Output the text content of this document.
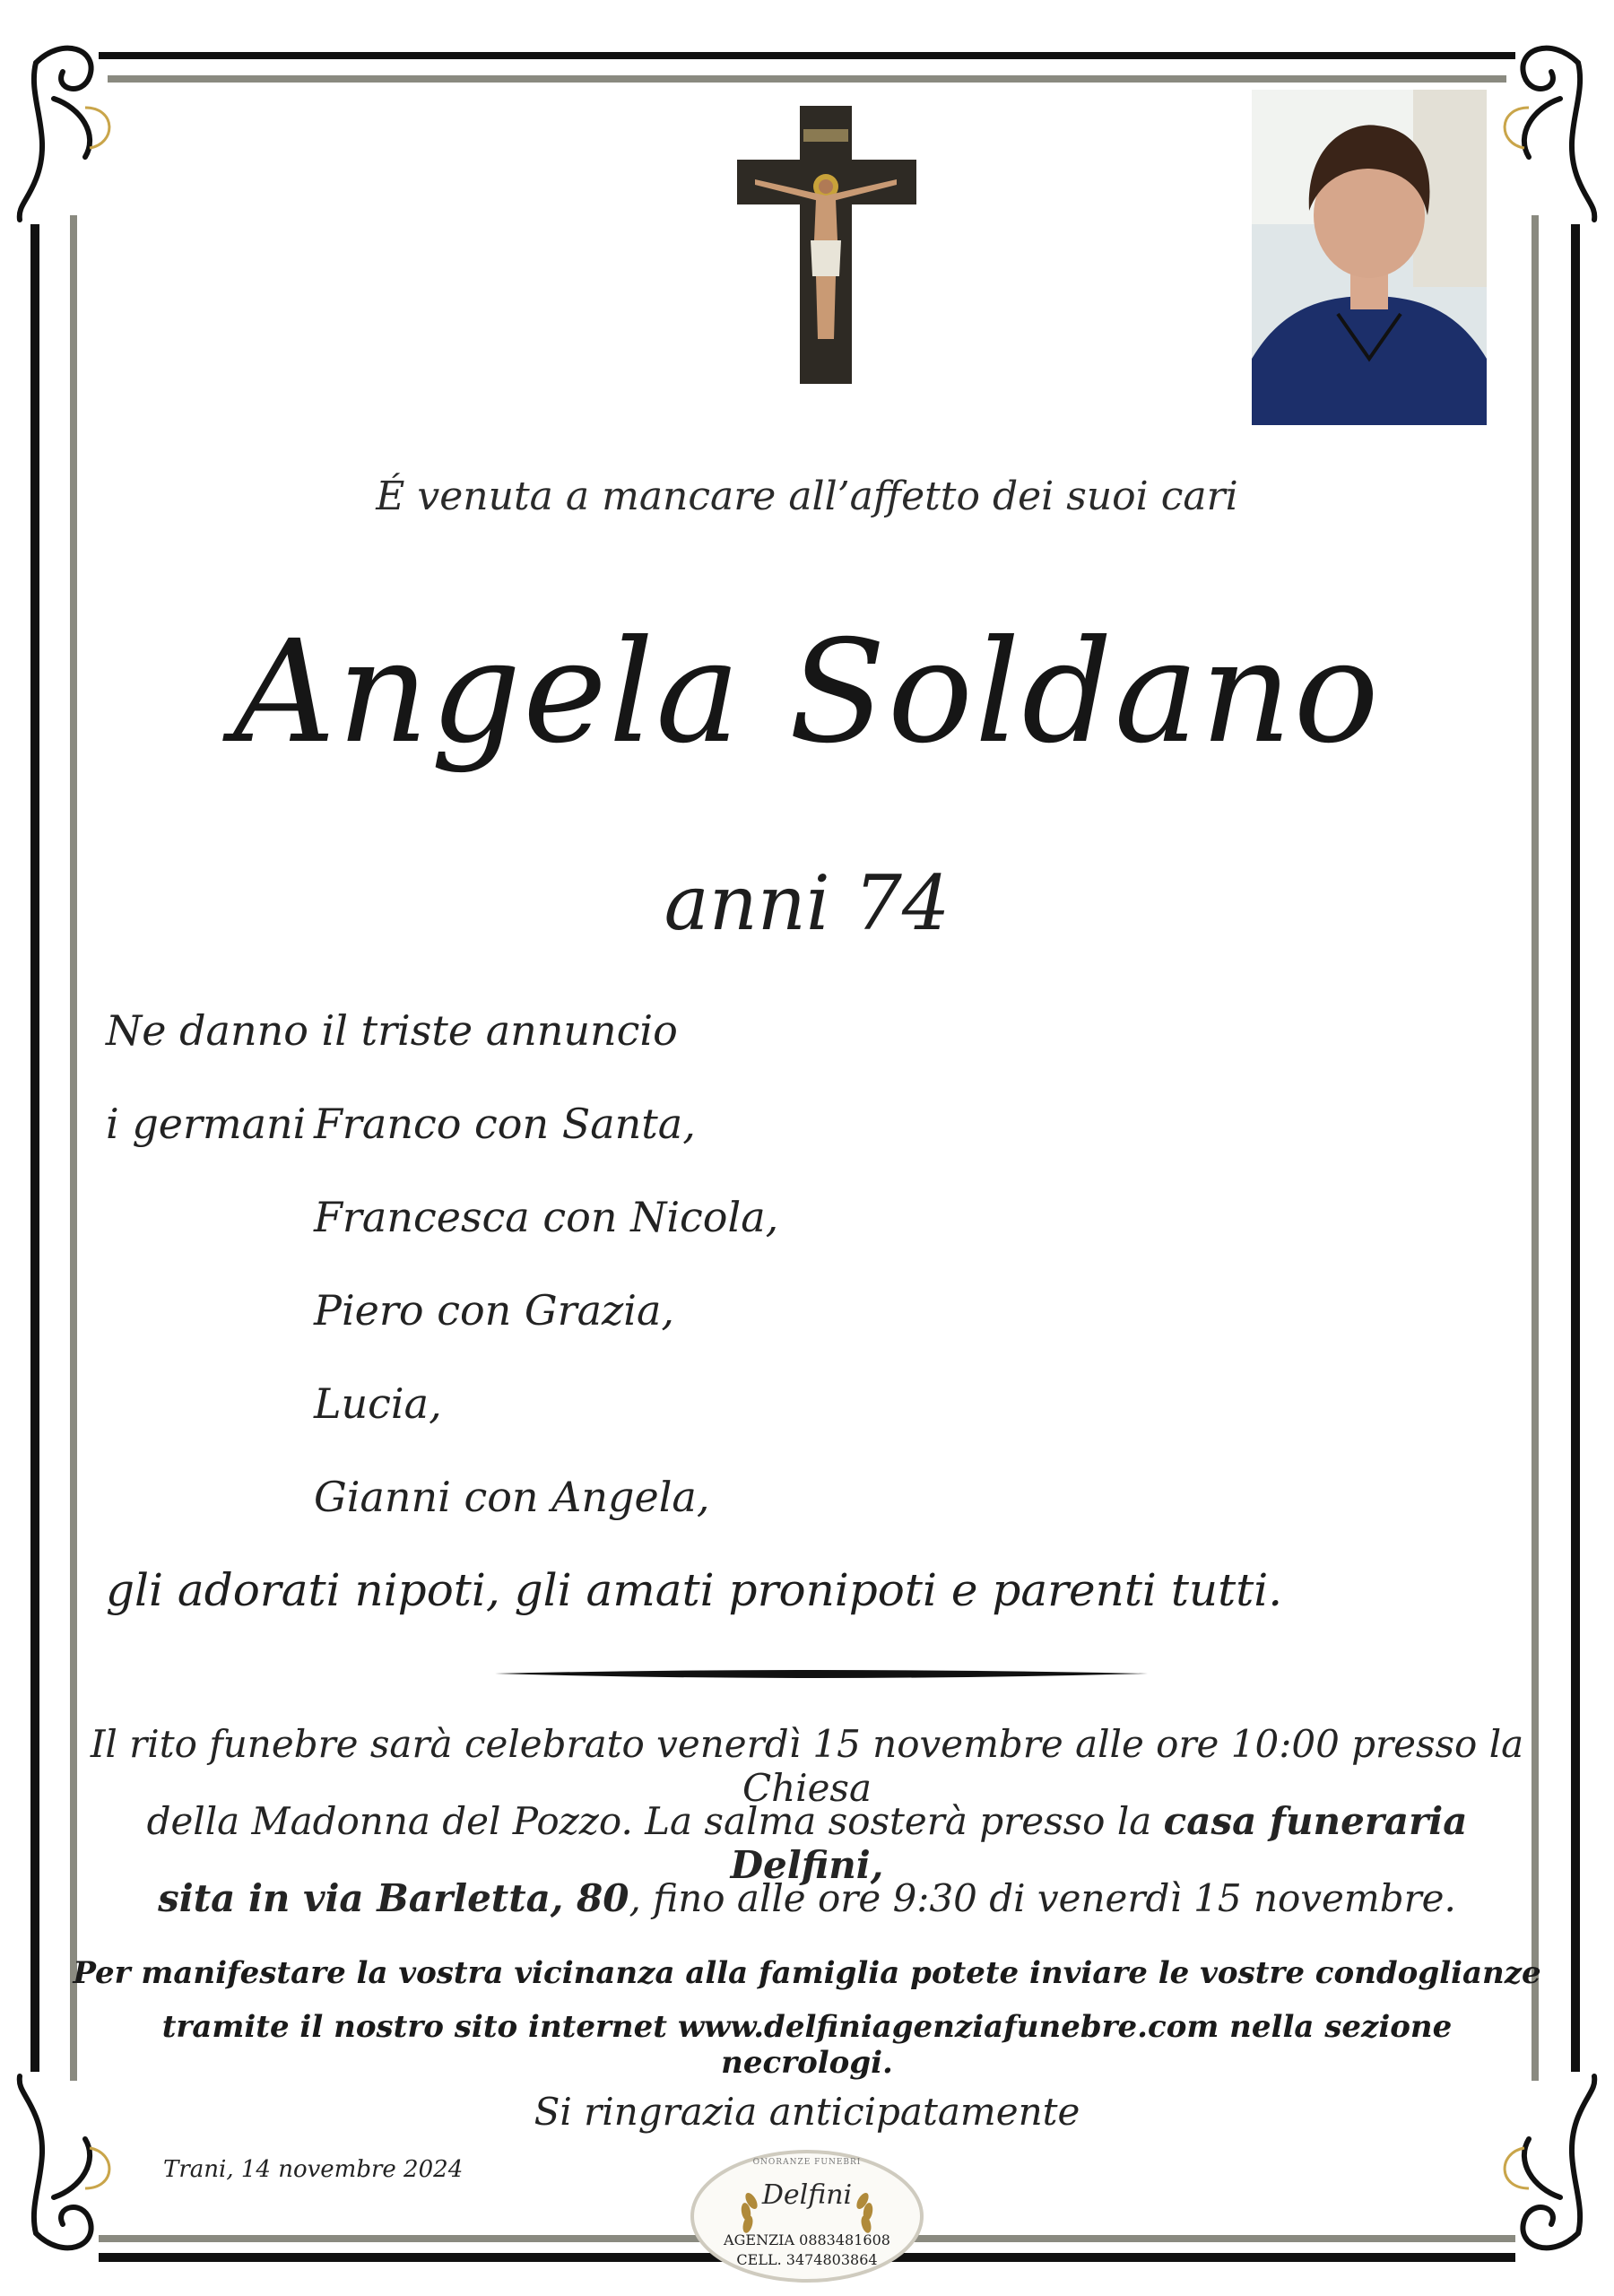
É venuta a mancare all’affetto dei suoi cari
Angela Soldano
anni 74
Ne danno il triste annuncio
i germani Franco con Santa,
Francesca con Nicola,
Piero con Grazia,
Lucia,
Gianni con Angela,
gli adorati nipoti, gli amati pronipoti e parenti tutti.
Il rito funebre sarà celebrato venerdì 15 novembre alle ore 10:00 presso la Chiesa
della Madonna del Pozzo. La salma sosterà presso la casa funeraria Delfini,
sita in via Barletta, 80, fino alle ore 9:30 di venerdì 15 novembre.
Per manifestare la vostra vicinanza alla famiglia potete inviare le vostre condoglianze
tramite il nostro sito internet www.delfiniagenziafunebre.com nella sezione necrologi.
Si ringrazia anticipatamente
Trani, 14 novembre 2024	ONORANZE FUNEBRI
Delfini
AGENZIA 0883481608
CELL. 3474803864
